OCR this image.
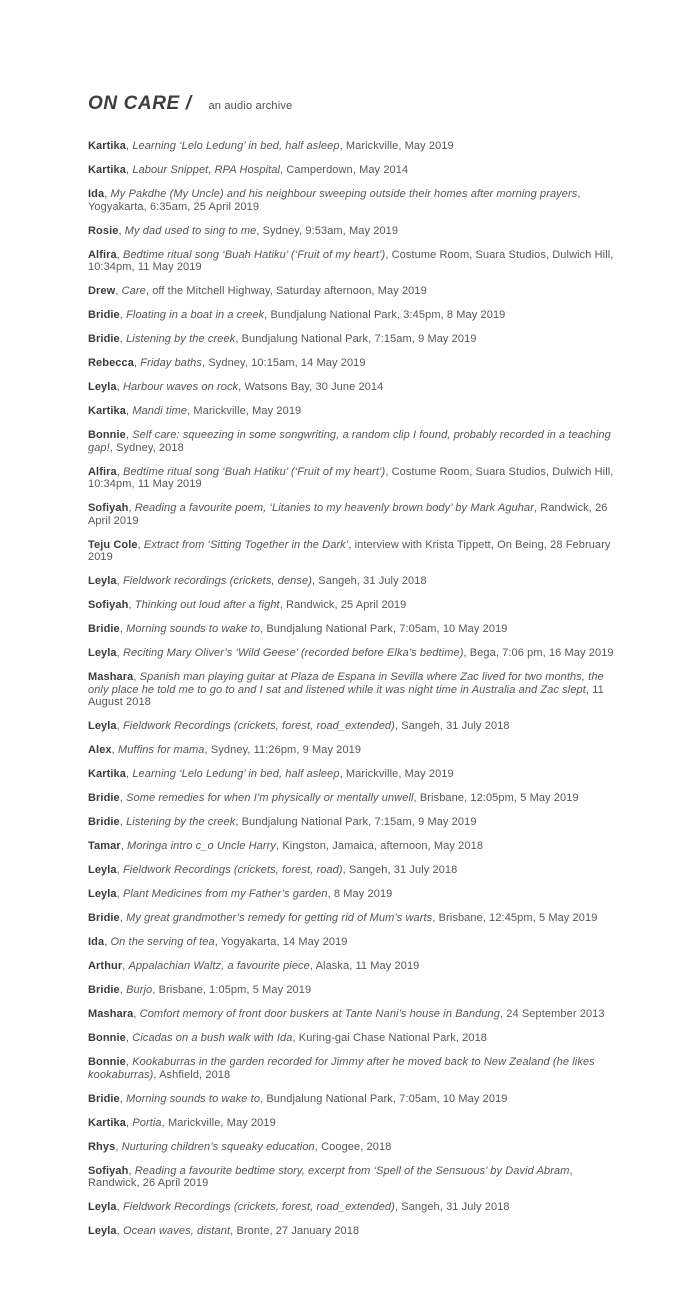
ON CARE / an audio archive

Kartika, Learning ‘Lelo Ledung’ in bed, half asleep, Marickville, May 2019

Kartika, Labour Snippet, RPA Hospital, Camperdown, May 2014

Ida, My Pakdhe (My Uncle) and his neighbour sweeping outside their homes after morning prayers, Yogyakarta, 6:35am, 25 April 2019

Rosie, My dad used to sing to me, Sydney, 9:53am, May 2019

Alfira, Bedtime ritual song ‘Buah Hatiku’ (‘Fruit of my heart’), Costume Room, Suara Studios, Dulwich Hill, 10:34pm, 11 May 2019

Drew, Care, off the Mitchell Highway, Saturday afternoon, May 2019

Bridie, Floating in a boat in a creek, Bundjalung National Park, 3:45pm, 8 May 2019

Bridie, Listening by the creek, Bundjalung National Park, 7:15am, 9 May 2019

Rebecca, Friday baths, Sydney, 10:15am, 14 May 2019

Leyla, Harbour waves on rock, Watsons Bay, 30 June 2014

Kartika, Mandi time, Marickville, May 2019

Bonnie, Self care: squeezing in some songwriting, a random clip I found, probably recorded in a teaching gap!, Sydney, 2018

Alfira, Bedtime ritual song ‘Buah Hatiku’ (‘Fruit of my heart’), Costume Room, Suara Studios, Dulwich Hill, 10:34pm, 11 May 2019

Sofiyah, Reading a favourite poem, ‘Litanies to my heavenly brown body’ by Mark Aguhar, Randwick, 26 April 2019

Teju Cole, Extract from ‘Sitting Together in the Dark’, interview with Krista Tippett, On Being, 28 February 2019

Leyla, Fieldwork recordings (crickets, dense), Sangeh, 31 July 2018

Sofiyah, Thinking out loud after a fight, Randwick, 25 April 2019

Bridie, Morning sounds to wake to, Bundjalung National Park, 7:05am, 10 May 2019

Leyla, Reciting Mary Oliver’s ‘Wild Geese’ (recorded before Elka’s bedtime), Bega, 7:06 pm, 16 May 2019

Mashara, Spanish man playing guitar at Plaza de Espana in Sevilla where Zac lived for two months, the only place he told me to go to and I sat and listened while it was night time in Australia and Zac slept, 11 August 2018

Leyla, Fieldwork Recordings (crickets, forest, road_extended), Sangeh, 31 July 2018

Alex, Muffins for mama, Sydney, 11:26pm, 9 May 2019

Kartika, Learning ‘Lelo Ledung’ in bed, half asleep, Marickville, May 2019

Bridie, Some remedies for when I’m physically or mentally unwell, Brisbane, 12:05pm, 5 May 2019

Bridie, Listening by the creek, Bundjalung National Park, 7:15am, 9 May 2019

Tamar, Moringa intro c_o Uncle Harry, Kingston, Jamaica, afternoon, May 2018

Leyla, Fieldwork Recordings (crickets, forest, road), Sangeh, 31 July 2018

Leyla, Plant Medicines from my Father’s garden, 8 May 2019

Bridie, My great grandmother’s remedy for getting rid of Mum’s warts, Brisbane, 12:45pm, 5 May 2019

Ida, On the serving of tea, Yogyakarta, 14 May 2019

Arthur, Appalachian Waltz, a favourite piece, Alaska, 11 May 2019

Bridie, Burjo, Brisbane, 1:05pm, 5 May 2019

Mashara, Comfort memory of front door buskers at Tante Nani’s house in Bandung, 24 September 2013

Bonnie, Cicadas on a bush walk with Ida, Kuring-gai Chase National Park, 2018

Bonnie, Kookaburras in the garden recorded for Jimmy after he moved back to New Zealand (he likes kookaburras), Ashfield, 2018

Bridie, Morning sounds to wake to, Bundjalung National Park, 7:05am, 10 May 2019

Kartika, Portia, Marickville, May 2019

Rhys, Nurturing children’s squeaky education, Coogee, 2018

Sofiyah, Reading a favourite bedtime story, excerpt from ‘Spell of the Sensuous’ by David Abram, Randwick, 26 April 2019

Leyla, Fieldwork Recordings (crickets, forest, road_extended), Sangeh, 31 July 2018

Leyla, Ocean waves, distant, Bronte, 27 January 2018
